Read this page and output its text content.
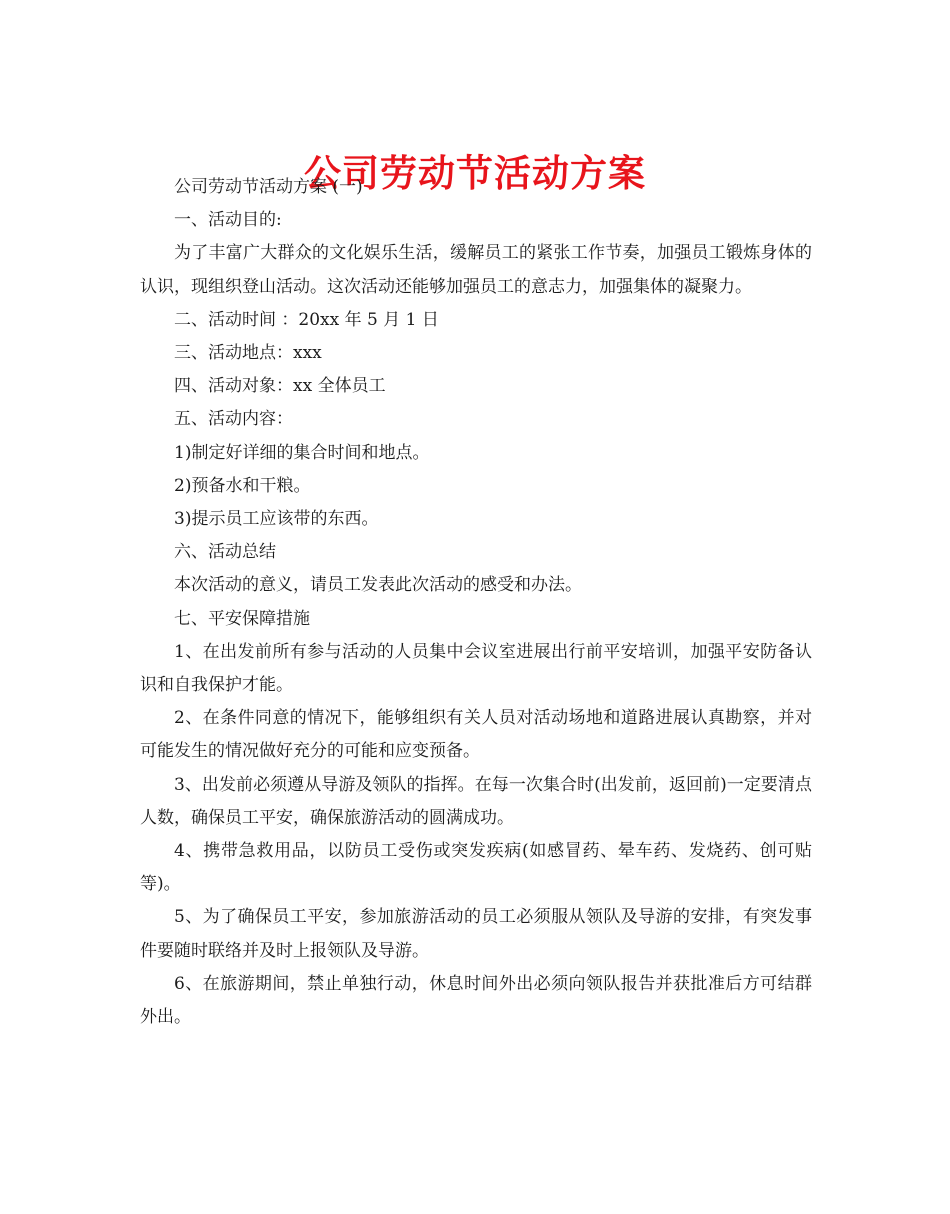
公司劳动节活动方案

公司劳动节活动方案 (一)

一、活动目的:

为了丰富广大群众的文化娱乐生活，缓解员工的紧张工作节奏，加强员工锻炼身体的认识，现组织登山活动。这次活动还能够加强员工的意志力，加强集体的凝聚力。

二、活动时间 ：20xx 年 5 月 1 日

三、活动地点：xxx

四、活动对象：xx 全体员工

五、活动内容：

1)制定好详细的集合时间和地点。

2)预备水和干粮。

3)提示员工应该带的东西。

六、活动总结

本次活动的意义，请员工发表此次活动的感受和办法。

七、平安保障措施

1、在出发前所有参与活动的人员集中会议室进展出行前平安培训，加强平安防备认识和自我保护才能。

2、在条件同意的情况下，能够组织有关人员对活动场地和道路进展认真勘察，并对可能发生的情况做好充分的可能和应变预备。

3、出发前必须遵从导游及领队的指挥。在每一次集合时(出发前，返回前)一定要清点人数，确保员工平安，确保旅游活动的圆满成功。

4、携带急救用品，以防员工受伤或突发疾病(如感冒药、晕车药、发烧药、创可贴等)。

5、为了确保员工平安，参加旅游活动的员工必须服从领队及导游的安排，有突发事件要随时联络并及时上报领队及导游。

6、在旅游期间，禁止单独行动，休息时间外出必须向领队报告并获批准后方可结群外出。
